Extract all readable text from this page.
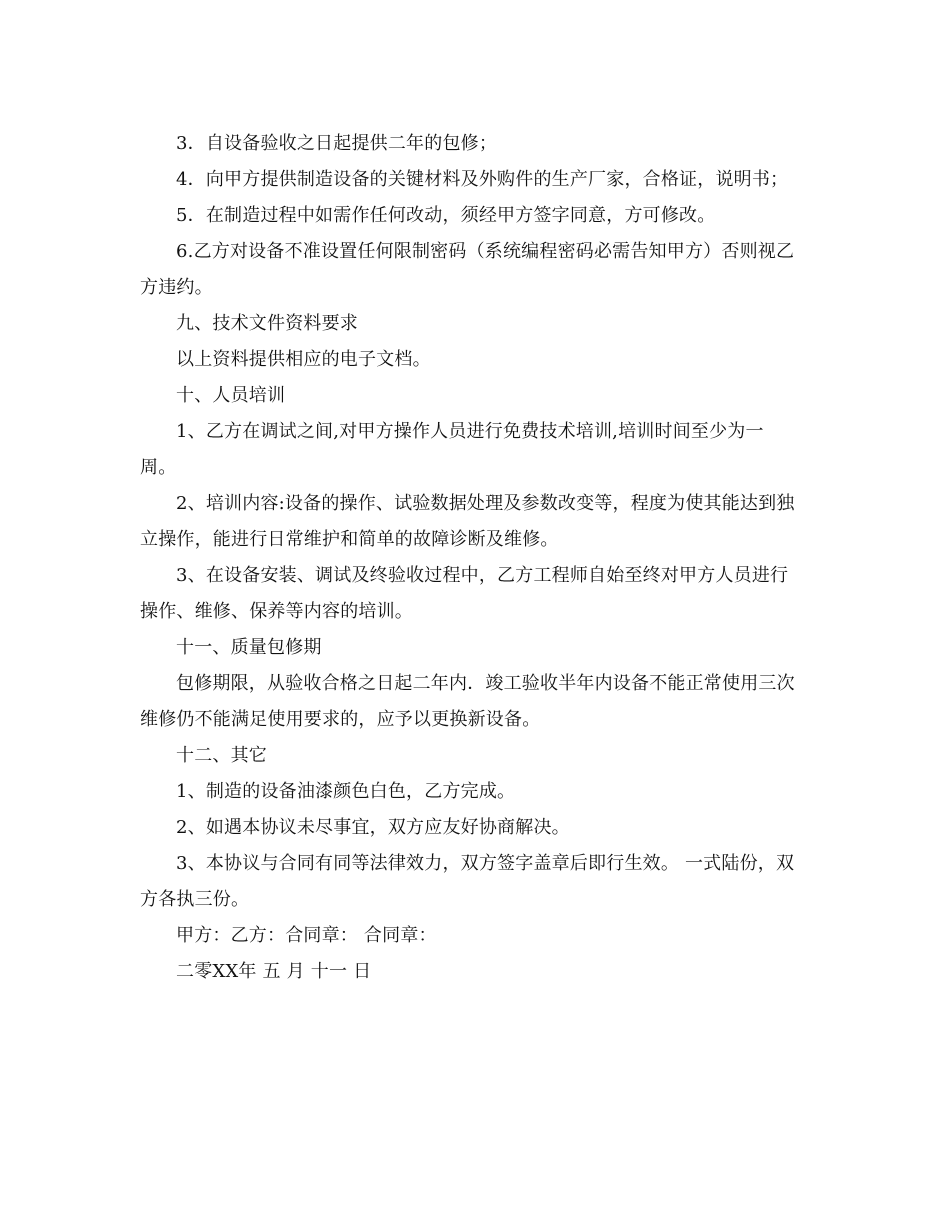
3．自设备验收之日起提供二年的包修；

4．向甲方提供制造设备的关键材料及外购件的生产厂家，合格证，说明书；

5．在制造过程中如需作任何改动，须经甲方签字同意，方可修改。

6.乙方对设备不准设置任何限制密码（系统编程密码必需告知甲方）否则视乙

方违约。

九、技术文件资料要求

以上资料提供相应的电子文档。

十、人员培训

1、乙方在调试之间,对甲方操作人员进行免费技术培训,培训时间至少为一

周。

2、培训内容:设备的操作、试验数据处理及参数改变等，程度为使其能达到独

立操作，能进行日常维护和简单的故障诊断及维修。

3、在设备安装、调试及终验收过程中，乙方工程师自始至终对甲方人员进行

操作、维修、保养等内容的培训。

十一、质量包修期

包修期限，从验收合格之日起二年内．竣工验收半年内设备不能正常使用三次

维修仍不能满足使用要求的，应予以更换新设备。

十二、其它

1、制造的设备油漆颜色白色，乙方完成。

2、如遇本协议未尽事宜，双方应友好协商解决。

3、本协议与合同有同等法律效力，双方签字盖章后即行生效。 一式陆份，双

方各执三份。

甲方：乙方：合同章： 合同章：

二零XX年 五 月 十一 日
